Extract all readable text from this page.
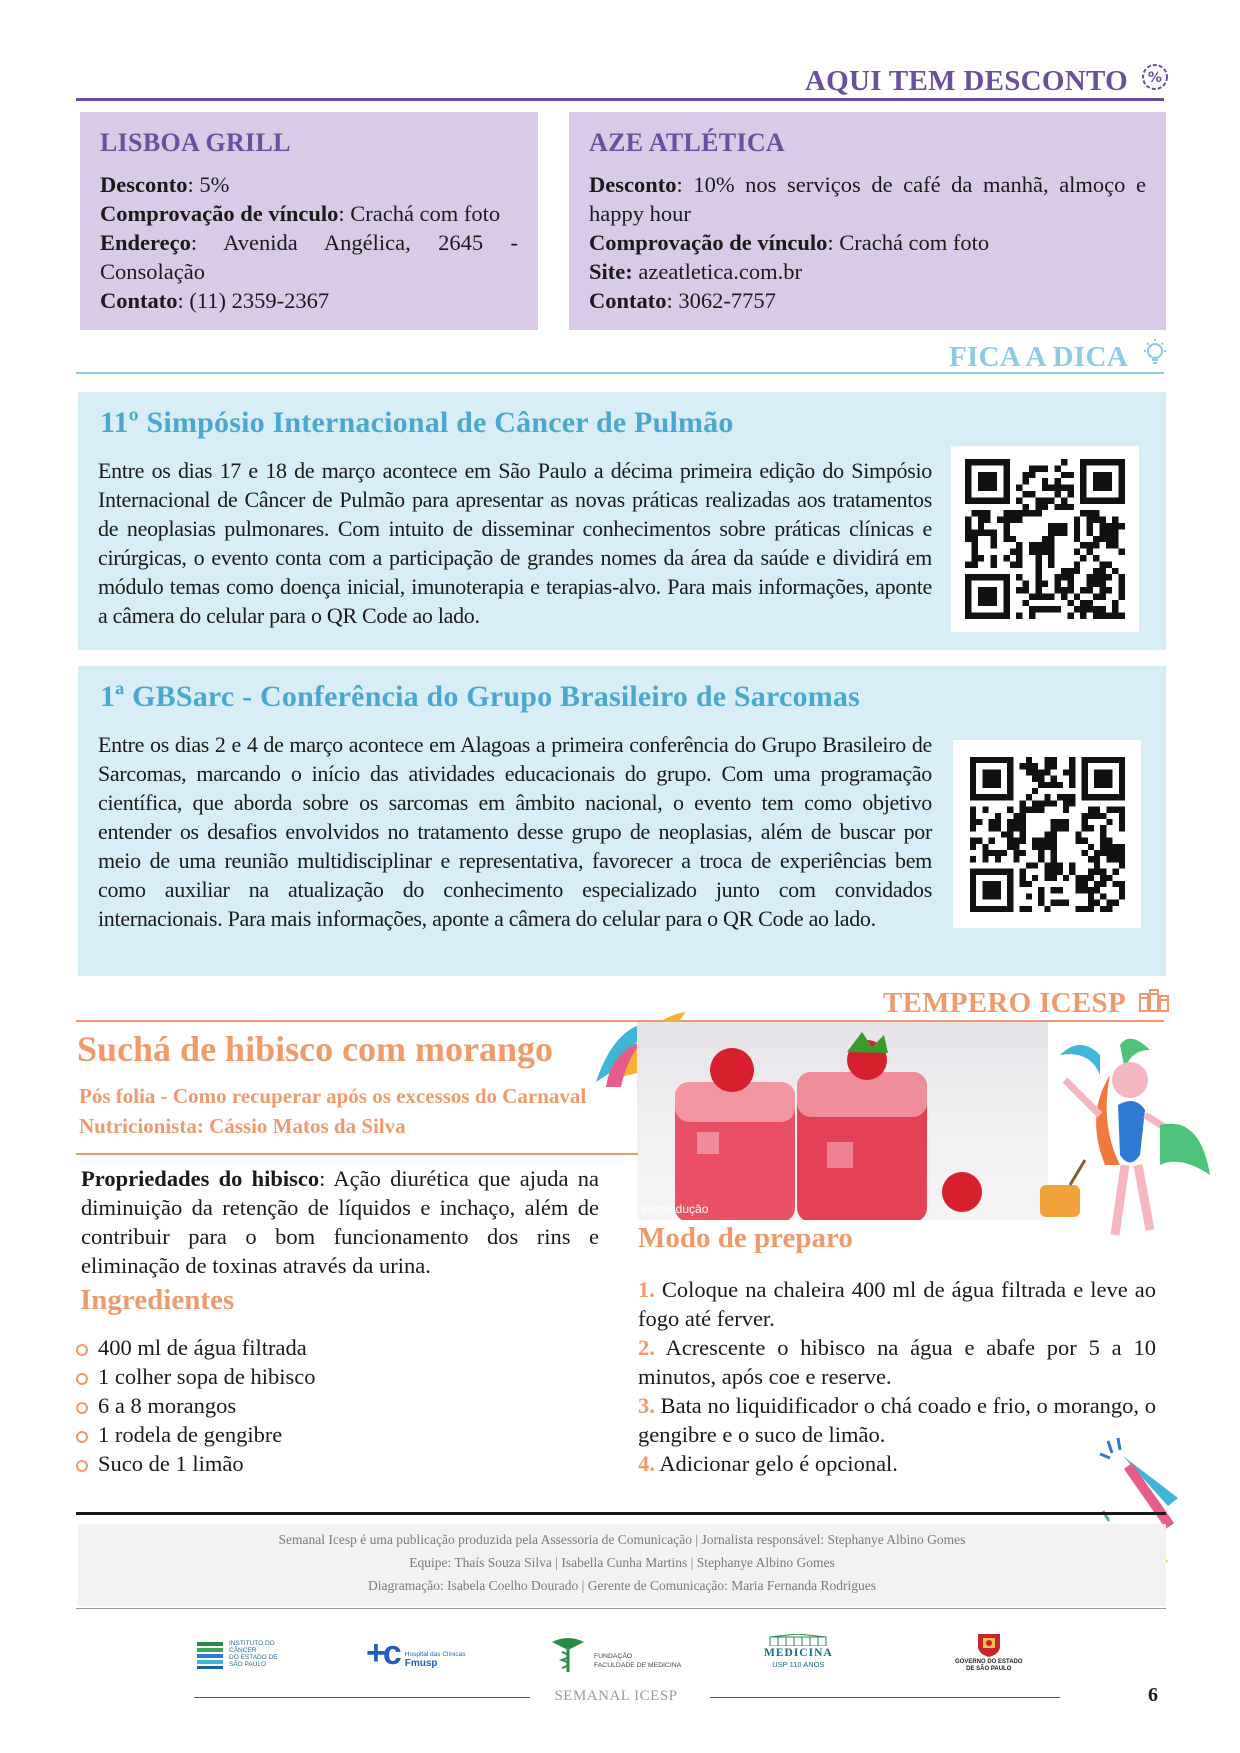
AQUI TEM DESCONTO %
LISBOA GRILL

Desconto: 5%

Comprovação de vínculo: Crachá com foto

Endereço: Avenida Angélica, 2645 - Consolação

Contato: (11) 2359-2367

AZE ATLÉTICA

Desconto: 10% nos serviços de café da manhã, almoço e happy hour

Comprovação de vínculo: Crachá com foto

Site: azeatletica.com.br

Contato: 3062-7757

FICA A DICA
11º Simpósio Internacional de Câncer de Pulmão
Entre os dias 17 e 18 de março acontece em São Paulo a décima primeira edição do Simpósio Internacional de Câncer de Pulmão para apresentar as novas práticas realizadas aos tratamentos de neoplasias pulmonares. Com intuito de disseminar conhecimentos sobre práticas clínicas e cirúrgicas, o evento conta com a participação de grandes nomes da área da saúde e dividirá em módulo temas como doença inicial, imunoterapia e terapias-alvo. Para mais informações, aponte a câmera do celular para o QR Code ao lado.
1ª GBSarc - Conferência do Grupo Brasileiro de Sarcomas
Entre os dias 2 e 4 de março acontece em Alagoas a primeira conferência do Grupo Brasileiro de Sarcomas, marcando o início das atividades educacionais do grupo. Com uma programação científica, que aborda sobre os sarcomas em âmbito nacional, o evento tem como objetivo entender os desafios envolvidos no tratamento desse grupo de neoplasias, além de buscar por meio de uma reunião multidisciplinar e representativa, favorecer a troca de experiências bem como auxiliar na atualização do conhecimento especializado junto com convidados internacionais. Para mais informações, aponte a câmera do celular para o QR Code ao lado.
TEMPERO ICESP
Reprodução
Suchá de hibisco com morango
Pós folia - Como recuperar após os excessos do Carnaval
Nutricionista: Cássio Matos da Silva
Propriedades do hibisco: Ação diurética que ajuda na diminuição da retenção de líquidos e inchaço, além de contribuir para o bom funcionamento dos rins e eliminação de toxinas através da urina.
Ingredientes
400 ml de água filtrada
1 colher sopa de hibisco
6 a 8 morangos
1 rodela de gengibre
Suco de 1 limão
Modo de preparo
1. Coloque na chaleira 400 ml de água filtrada e leve ao fogo até ferver.
2. Acrescente o hibisco na água e abafe por 5 a 10 minutos, após coe e reserve.
3. Bata no liquidificador o chá coado e frio, o morango, o gengibre e o suco de limão.
4. Adicionar gelo é opcional.
Semanal Icesp é uma publicação produzida pela Assessoria de Comunicação | Jornalista responsável: Stephanye Albino Gomes
Equipe: Thaís Souza Silva | Isabella Cunha Martins | Stephanye Albino Gomes
Diagramação: Isabela Coelho Dourado | Gerente de Comunicação: Maria Fernanda Rodrigues
INSTITUTO DO
CÂNCER
DO ESTADO DE
SÃO PAULO	+c Hospital das Clínicas
Fmusp
FUNDAÇÃO
FACULDADE DE MEDICINA
MEDICINA
USP 110 ANOS	GOVERNO DO ESTADO
DE SÃO PAULO
SEMANAL ICESP	6
